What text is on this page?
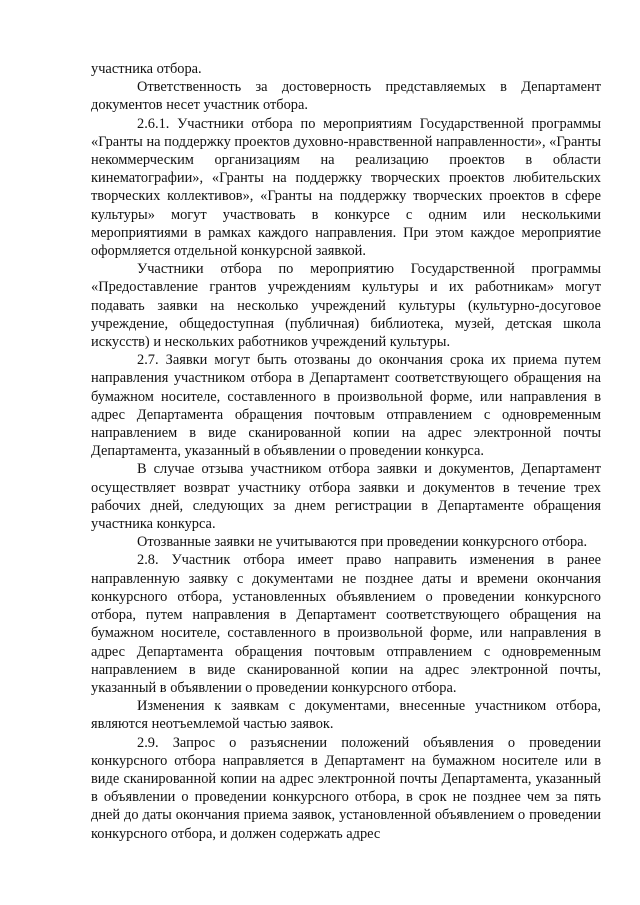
участника отбора.

Ответственность за достоверность представляемых в Департамент документов несет участник отбора.

2.6.1. Участники отбора по мероприятиям Государственной программы «Гранты на поддержку проектов духовно-нравственной направленности», «Гранты некоммерческим организациям на реализацию проектов в области кинематографии», «Гранты на поддержку творческих проектов любительских творческих коллективов», «Гранты на поддержку творческих проектов в сфере культуры» могут участвовать в конкурсе с одним или несколькими мероприятиями в рамках каждого направления. При этом каждое мероприятие оформляется отдельной конкурсной заявкой.

Участники отбора по мероприятию Государственной программы «Предоставление грантов учреждениям культуры и их работникам» могут подавать заявки на несколько учреждений культуры (культурно-досуговое учреждение, общедоступная (публичная) библиотека, музей, детская школа искусств) и нескольких работников учреждений культуры.

2.7. Заявки могут быть отозваны до окончания срока их приема путем направления участником отбора в Департамент соответствующего обращения на бумажном носителе, составленного в произвольной форме, или направления в адрес Департамента обращения почтовым отправлением с одновременным направлением в виде сканированной копии на адрес электронной почты Департамента, указанный в объявлении о проведении конкурса.

В случае отзыва участником отбора заявки и документов, Департамент осуществляет возврат участнику отбора заявки и документов в течение трех рабочих дней, следующих за днем регистрации в Департаменте обращения участника конкурса.

Отозванные заявки не учитываются при проведении конкурсного отбора.

2.8. Участник отбора имеет право направить изменения в ранее направленную заявку с документами не позднее даты и времени окончания конкурсного отбора, установленных объявлением о проведении конкурсного отбора, путем направления в Департамент соответствующего обращения на бумажном носителе, составленного в произвольной форме, или направления в адрес Департамента обращения почтовым отправлением с одновременным направлением в виде сканированной копии на адрес электронной почты, указанный в объявлении о проведении конкурсного отбора.

Изменения к заявкам с документами, внесенные участником отбора, являются неотъемлемой частью заявок.

2.9. Запрос о разъяснении положений объявления о проведении конкурсного отбора направляется в Департамент на бумажном носителе или в виде сканированной копии на адрес электронной почты Департамента, указанный в объявлении о проведении конкурсного отбора, в срок не позднее чем за пять дней до даты окончания приема заявок, установленной объявлением о проведении конкурсного отбора, и должен содержать адрес
